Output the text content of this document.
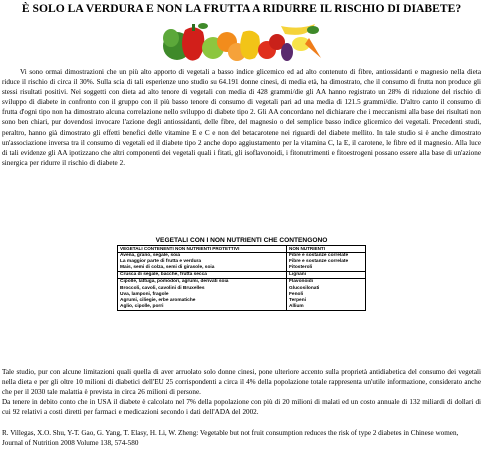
È SOLO LA VERDURA E NON LA FRUTTA A RIDURRE IL RISCHIO DI DIABETE?
Vi sono ormai dimostrazioni che un più alto apporto di vegetali a basso indice glicemico ed ad alto contenuto di fibre, antiossidanti e magnesio nella dieta riduce il rischio di circa il 30%. Sulla scia di tali esperienze uno studio su 64.191 donne cinesi, di media età, ha dimostrato, che il consumo di frutta non produce gli stessi risultati positivi. Nei soggetti con dieta ad alto tenore di vegetali con media di 428 grammi/die gli AA hanno registrato un 28% di riduzione del rischio di sviluppo di diabete in confronto con il gruppo con il più basso tenore di consumo di vegetali pari ad una media di 121.5 grammi/die. D'altro canto il consumo di frutta d'ogni tipo non ha dimostrato alcuna correlazione nello sviluppo di diabete tipo 2. Gli AA concordano nel dichiarare che i meccanismi alla base dei risultati non sono ben chiari, pur dovendosi invocare l'azione degli antiossidanti, delle fibre, del magnesio o del semplice basso indice glicemico dei vegetali. Precedenti studi, peraltro, hanno già dimostrato gli effetti benefici delle vitamine E e C e non del betacarotene nei riguardi del diabete mellito. In tale studio si è anche dimostrato un'associazione inversa tra il consumo di vegetali ed il diabete tipo 2 anche dopo aggiustamento per la vitamina C, la E, il carotene, le fibre ed il magnesio. Alla luce di tali evidenze gli AA ipotizzano che altri componenti dei vegetali quali i fitati, gli isoflavonoidi, i fitonutrimenti e fitoestrogeni possano essere alla base di un'azione sinergica per ridurre il rischio di diabete 2.
VEGETALI CON I NON NUTRIENTI CHE CONTENGONO
VEGETALI CONTENENTI NON NUTRIENTI PROTETTIVI	NON NUTRIENTI
Avena, grano, segale, soia	Fibre e sostanze correlate
La maggior parte di frutta e verdura	Fibre e sostanze correlate
Mais, semi di colza, semi di girasole, soia	Fitosteroli
Crusca di segale, bacche, frutta secca	Lignani
Cipolle, lattuga, pomodori, agrumi, derivati soia	Flavonoidi
Broccoli, cavoli, cavolini di Bruxelles	Glucosilonati
Uva, lamponi, fragole	Fenoli
Agrumi, ciliegie, erbe aromatiche	Terpeni
Aglio, cipolle, porri	Allium
Tale studio, pur con alcune limitazioni quali quella di aver arruolato solo donne cinesi, pone ulteriore accento sulla proprietà antidiabetica del consumo dei vegetali nella dieta e per gli oltre 10 milioni di diabetici dell'EU 25 corrispondenti a circa il 4% della popolazione totale rappresenta un'utile informazione, considerato anche che per il 2030 tale malattia è prevista in circa 26 milioni di persone.
Da tenere in debito conto che in USA il diabete è calcolato nel 7% della popolazione con più di 20 milioni di malati ed un costo annuale di 132 miliardi di dollari di cui 92 relativi a costi diretti per farmaci e medicazioni secondo i dati dell'ADA del 2002.
R. Villegas, X.O. Shu, Y-T. Gao, G. Yang, T. Elasy, H. Li, W. Zheng: Vegetable but not fruit consumption reduces the risk of type 2 diabetes in Chinese women, Journal of Nutrition 2008 Volume 138, 574-580
